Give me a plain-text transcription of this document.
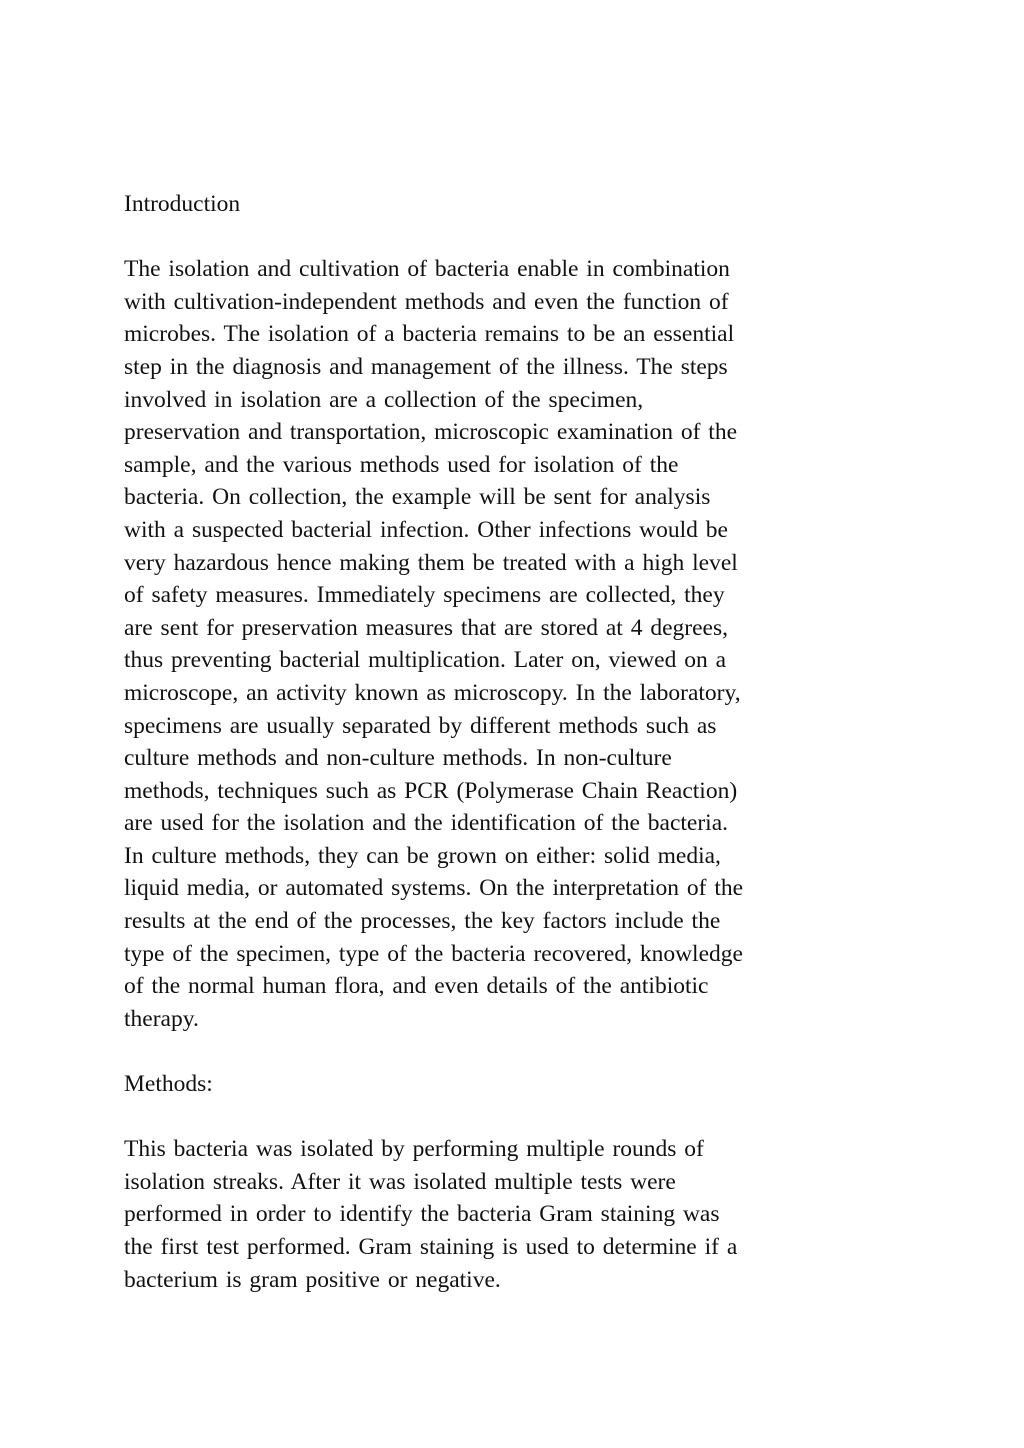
Introduction
The isolation and cultivation of bacteria enable in combination
with cultivation-independent methods and even the function of
microbes. The isolation of a bacteria remains to be an essential
step in the diagnosis and management of the illness. The steps
involved in isolation are a collection of the specimen,
preservation and transportation, microscopic examination of the
sample, and the various methods used for isolation of the
bacteria. On collection, the example will be sent for analysis
with a suspected bacterial infection. Other infections would be
very hazardous hence making them be treated with a high level
of safety measures. Immediately specimens are collected, they
are sent for preservation measures that are stored at 4 degrees,
thus preventing bacterial multiplication. Later on, viewed on a
microscope, an activity known as microscopy. In the laboratory,
specimens are usually separated by different methods such as
culture methods and non-culture methods. In non-culture
methods, techniques such as PCR (Polymerase Chain Reaction)
are used for the isolation and the identification of the bacteria.
In culture methods, they can be grown on either: solid media,
liquid media, or automated systems. On the interpretation of the
results at the end of the processes, the key factors include the
type of the specimen, type of the bacteria recovered, knowledge
of the normal human flora, and even details of the antibiotic
therapy.
Methods:
This bacteria was isolated by performing multiple rounds of
isolation streaks. After it was isolated multiple tests were
performed in order to identify the bacteria Gram staining was
the first test performed. Gram staining is used to determine if a
bacterium is gram positive or negative.
